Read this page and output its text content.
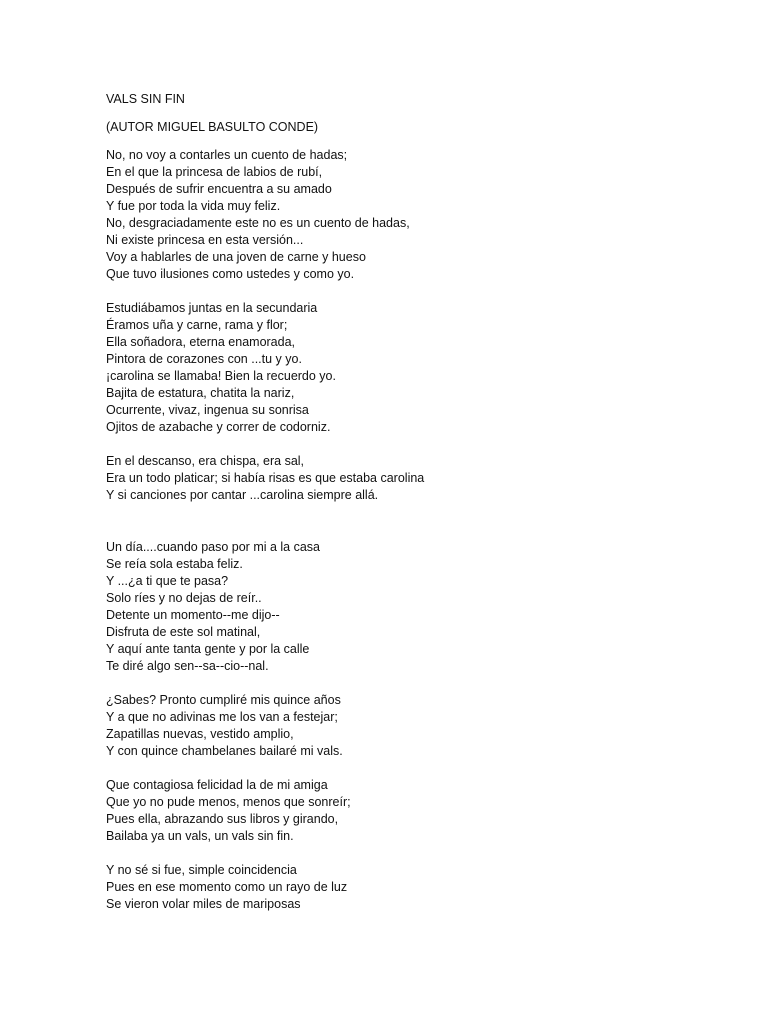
VALS SIN FIN
(AUTOR MIGUEL BASULTO CONDE)
No, no voy a contarles un cuento de hadas;
En el que la princesa de labios de rubí,
Después de sufrir encuentra a su amado
Y fue por toda la vida muy feliz.
No, desgraciadamente este no es un cuento de hadas,
Ni existe princesa en esta versión...
Voy a hablarles de una joven de carne y hueso
Que tuvo ilusiones como ustedes y como yo.
Estudiábamos juntas en la secundaria
Éramos uña y carne, rama y flor;
Ella soñadora, eterna enamorada,
Pintora de corazones con ...tu y yo.
¡carolina se llamaba! Bien la recuerdo yo.
Bajita de estatura, chatita la nariz,
Ocurrente, vivaz, ingenua su sonrisa
Ojitos de azabache y correr de codorniz.
En el descanso, era chispa, era sal,
Era un todo platicar; si había risas es que estaba carolina
Y si canciones por cantar ...carolina siempre allá.
Un día....cuando paso por mi a la casa
Se reía sola estaba feliz.
Y ...¿a ti que te pasa?
Solo ríes y no dejas de reír..
Detente un momento--me dijo--
Disfruta de este sol matinal,
Y aquí ante tanta gente y por la calle
Te diré algo sen--sa--cio--nal.
¿Sabes? Pronto cumpliré mis quince años
Y a que no adivinas me los van a festejar;
Zapatillas nuevas, vestido amplio,
Y con quince chambelanes bailaré mi vals.
Que contagiosa felicidad la de mi amiga
Que yo no pude menos, menos que sonreír;
Pues ella, abrazando sus libros y girando,
Bailaba ya un vals, un vals sin fin.
Y no sé si fue, simple coincidencia
Pues en ese momento como un rayo de luz
Se vieron volar miles de mariposas
